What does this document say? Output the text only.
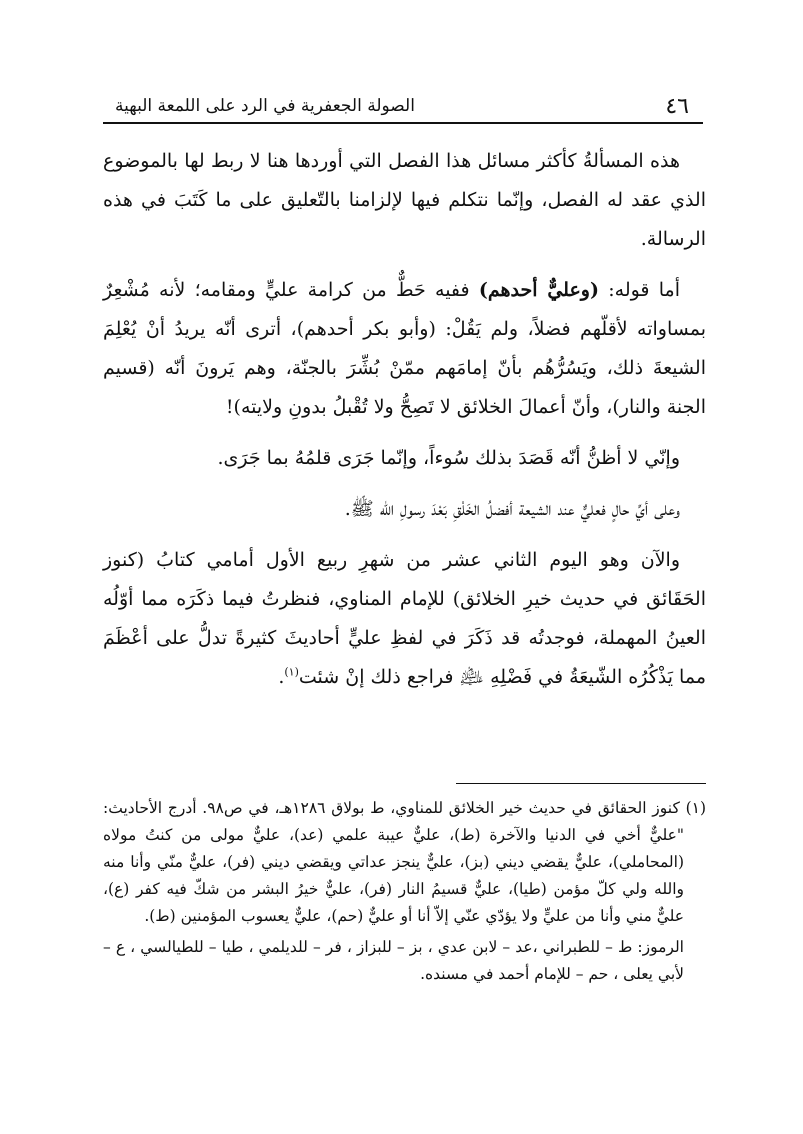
٤٦
الصولة الجعفرية في الرد على اللمعة البهية

هذه المسألةُ كأكثر مسائل هذا الفصل التي أوردها هنا لا ربط لها بالموضوع الذي عقد له الفصل، وإنّما نتكلم فيها لإلزامنا بالتّعليق على ما كَتَبَ في هذه الرسالة.

أما قوله: (وعليٌّ أحدهم) ففيه حَطٌّ من كرامة عليٍّ ومقامه؛ لأنه مُشْعِرٌ بمساواته لأقلّهم فضلاً، ولم يَقُلْ: (وأبو بكر أحدهم)، أترى أنّه يريدُ أنْ يُعْلِمَ الشيعةَ ذلك، ويَسُرُّهُم بأنّ إمامَهم ممّنْ بُشِّرَ بالجنّة، وهم يَرونَ أنّه (قسيم الجنة والنار)، وأنّ أعمالَ الخلائق لا تَصِحُّ ولا تُقْبلُ بدونِ ولايته)!

وإنّي لا أظنُّ أنّه قَصَدَ بذلك سُوءاً، وإنّما جَرَى قلمُهُ بما جَرَى.

وعلى أيِّ حالٍ فعليٌّ عند الشيعة أفضلُ الخَلْقِ بَعْدَ رسولِ الله ﷺ.

والآن وهو اليوم الثاني عشر من شهرِ ربيع الأول أمامي كتابُ (كنوز الحَقَائق في حديث خيرِ الخلائق) للإمام المناوي، فنظرتُ فيما ذكَرَه مما أوّلُه العينُ المهملة، فوجدتُه قد ذَكَرَ في لفظِ عليٍّ أحاديثَ كثيرةً تدلُّ على أعْظَمَ مما يَذْكُرُه الشّيعَةُ في فَضْلِهِ ﵇ فراجع ذلك إنْ شئت$^{(١)}$.

(١) كنوز الحقائق في حديث خير الخلائق للمناوي، ط بولاق ١٢٨٦هـ، في ص٩٨. أدرج الأحاديث: "عليٌّ أخي في الدنيا والآخرة (ط)، عليٌّ عيبة علمي (عد)، عليٌّ مولى من كنتُ مولاه (المحاملي)، عليٌّ يقضي ديني (بز)، عليٌّ ينجز عداتي ويقضي ديني (فر)، عليٌّ منّي وأنا منه والله ولي كلّ مؤمن (طيا)، عليٌّ قسيمُ النار (فر)، عليٌّ خيرُ البشر من شكّ فيه كفر (ع)، عليٌّ مني وأنا من عليٍّ ولا يؤدّي عنّي إلاّ أنا أو عليٌّ (حم)، عليٌّ يعسوب المؤمنين (ط).

الرموز: ط – للطبراني ،عد – لابن عدي ، بز – للبزاز ، فر – للديلمي ، طيا – للطيالسي ، ع – لأبي يعلى ، حم – للإمام أحمد في مسنده.
